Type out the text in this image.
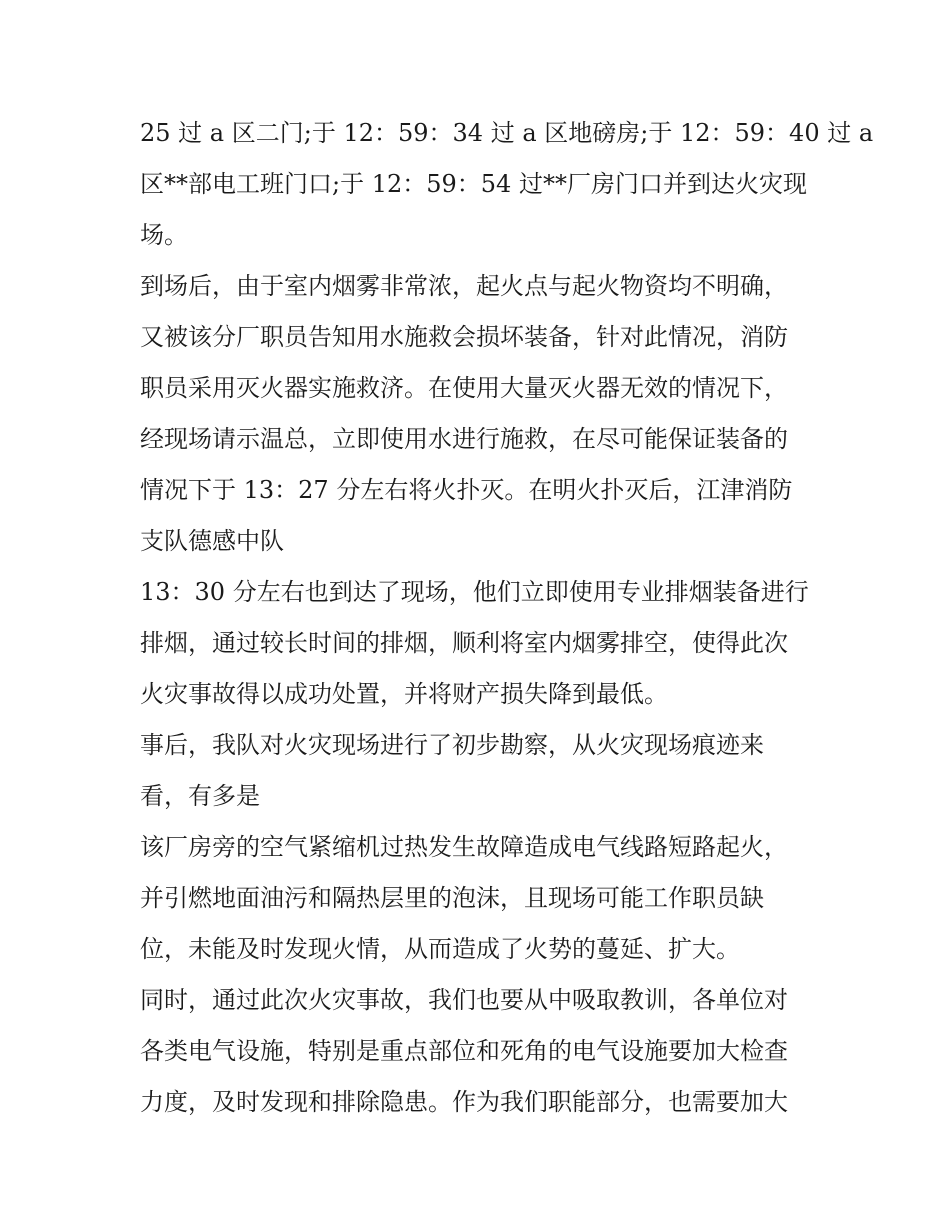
25 过 a 区二门;于 12：59：34 过 a 区地磅房;于 12：59：40 过 a
区**部电工班门口;于 12：59：54 过**厂房门口并到达火灾现
场。
到场后，由于室内烟雾非常浓，起火点与起火物资均不明确，
又被该分厂职员告知用水施救会损坏装备，针对此情况，消防
职员采用灭火器实施救济。在使用大量灭火器无效的情况下，
经现场请示温总，立即使用水进行施救，在尽可能保证装备的
情况下于 13：27 分左右将火扑灭。在明火扑灭后，江津消防
支队德感中队
13：30 分左右也到达了现场，他们立即使用专业排烟装备进行
排烟，通过较长时间的排烟，顺利将室内烟雾排空，使得此次
火灾事故得以成功处置，并将财产损失降到最低。
事后，我队对火灾现场进行了初步勘察，从火灾现场痕迹来
看，有多是
该厂房旁的空气紧缩机过热发生故障造成电气线路短路起火，
并引燃地面油污和隔热层里的泡沫，且现场可能工作职员缺
位，未能及时发现火情，从而造成了火势的蔓延、扩大。
同时，通过此次火灾事故，我们也要从中吸取教训，各单位对
各类电气设施，特别是重点部位和死角的电气设施要加大检查
力度，及时发现和排除隐患。作为我们职能部分，也需要加大
